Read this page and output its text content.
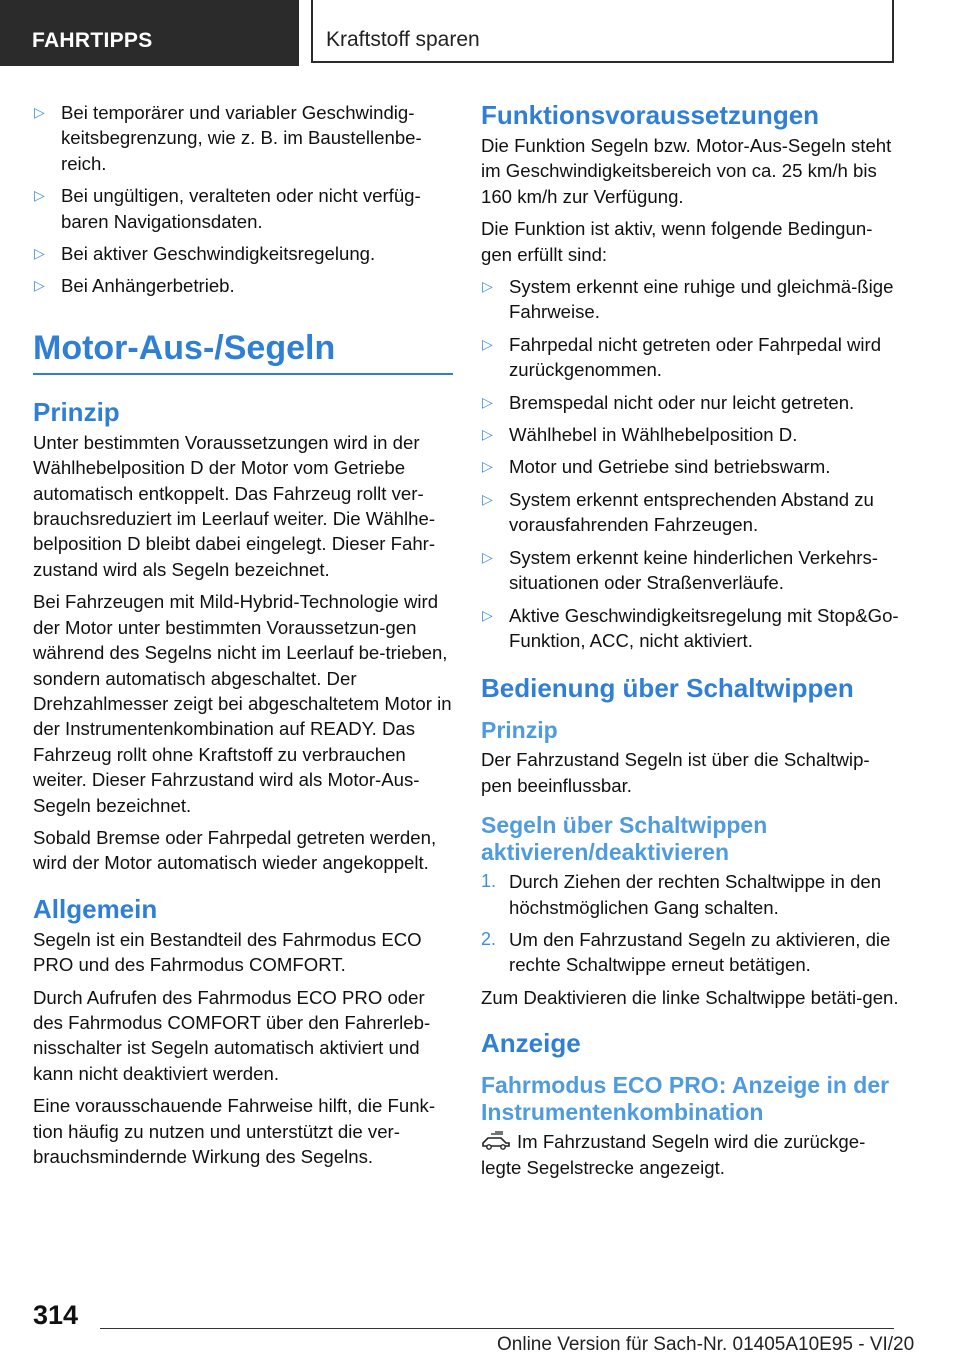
FAHRTIPPS	Kraftstoff sparen
▷ Bei temporärer und variabler Geschwindig-keitsbegrenzung, wie z. B. im Baustellenbe-reich.
▷ Bei ungültigen, veralteten oder nicht verfüg-baren Navigationsdaten.
▷ Bei aktiver Geschwindigkeitsregelung.
▷ Bei Anhängerbetrieb.
Motor-Aus-/Segeln
Prinzip

Unter bestimmten Voraussetzungen wird in der Wählhebelposition D der Motor vom Getriebe automatisch entkoppelt. Das Fahrzeug rollt ver-brauchsreduziert im Leerlauf weiter. Die Wählhe-belposition D bleibt dabei eingelegt. Dieser Fahr-zustand wird als Segeln bezeichnet.

Bei Fahrzeugen mit Mild-Hybrid-Technologie wird der Motor unter bestimmten Voraussetzun-gen während des Segelns nicht im Leerlauf be-trieben, sondern automatisch abgeschaltet. Der Drehzahlmesser zeigt bei abgeschaltetem Motor in der Instrumentenkombination auf READY. Das Fahrzeug rollt ohne Kraftstoff zu verbrauchen weiter. Dieser Fahrzustand wird als Motor-Aus-Segeln bezeichnet.

Sobald Bremse oder Fahrpedal getreten werden, wird der Motor automatisch wieder angekoppelt.

Allgemein

Segeln ist ein Bestandteil des Fahrmodus ECO PRO und des Fahrmodus COMFORT.

Durch Aufrufen des Fahrmodus ECO PRO oder des Fahrmodus COMFORT über den Fahrerleb-nisschalter ist Segeln automatisch aktiviert und kann nicht deaktiviert werden.

Eine vorausschauende Fahrweise hilft, die Funk-tion häufig zu nutzen und unterstützt die ver-brauchsmindernde Wirkung des Segelns.

Funktionsvoraussetzungen

Die Funktion Segeln bzw. Motor-Aus-Segeln steht im Geschwindigkeitsbereich von ca. 25 km/h bis 160 km/h zur Verfügung.

Die Funktion ist aktiv, wenn folgende Bedingun-gen erfüllt sind:

▷ System erkennt eine ruhige und gleichmä-ßige Fahrweise.
▷ Fahrpedal nicht getreten oder Fahrpedal wird zurückgenommen.
▷ Bremspedal nicht oder nur leicht getreten.
▷ Wählhebel in Wählhebelposition D.
▷ Motor und Getriebe sind betriebswarm.
▷ System erkennt entsprechenden Abstand zu vorausfahrenden Fahrzeugen.
▷ System erkennt keine hinderlichen Verkehrs-situationen oder Straßenverläufe.
▷ Aktive Geschwindigkeitsregelung mit Stop&Go-Funktion, ACC, nicht aktiviert.
Bedienung über Schaltwippen
Prinzip

Der Fahrzustand Segeln ist über die Schaltwip-pen beeinflussbar.

Segeln über Schaltwippen aktivieren/deaktivieren
1. Durch Ziehen der rechten Schaltwippe in den höchstmöglichen Gang schalten.
2. Um den Fahrzustand Segeln zu aktivieren, die rechte Schaltwippe erneut betätigen.

Zum Deaktivieren die linke Schaltwippe betäti-gen.

Anzeige
Fahrmodus ECO PRO: Anzeige in der Instrumentenkombination

Im Fahrzustand Segeln wird die zurückge-legte Segelstrecke angezeigt.

314
Online Version für Sach-Nr. 01405A10E95 - VI/20
